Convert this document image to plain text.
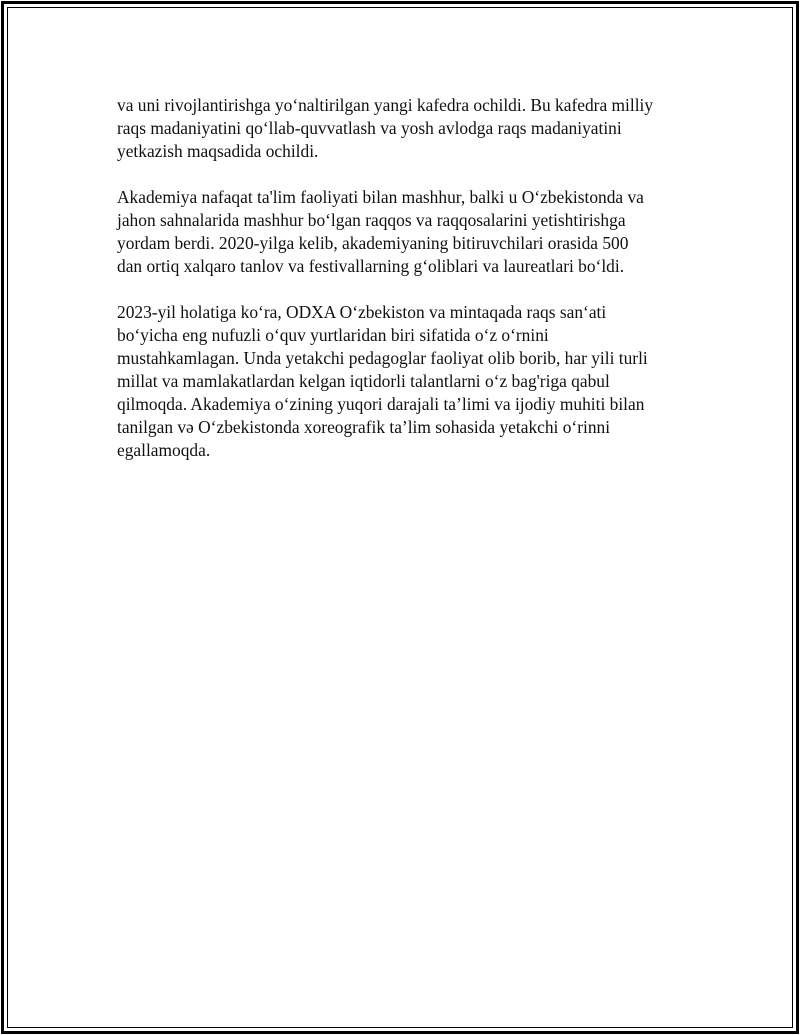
va uni rivojlantirishga yo‘naltirilgan yangi kafedra ochildi. Bu kafedra milliy
raqs madaniyatini qo‘llab-quvvatlash va yosh avlodga raqs madaniyatini
yetkazish maqsadida ochildi.

Akademiya nafaqat ta'lim faoliyati bilan mashhur, balki u O‘zbekistonda va
jahon sahnalarida mashhur bo‘lgan raqqos va raqqosalarini yetishtirishga
yordam berdi. 2020-yilga kelib, akademiyaning bitiruvchilari orasida 500
dan ortiq xalqaro tanlov va festivallarning g‘oliblari va laureatlari bo‘ldi.

2023-yil holatiga ko‘ra, ODXA O‘zbekiston va mintaqada raqs san‘ati
bo‘yicha eng nufuzli o‘quv yurtlaridan biri sifatida o‘z o‘rnini
mustahkamlagan. Unda yetakchi pedagoglar faoliyat olib borib, har yili turli
millat va mamlakatlardan kelgan iqtidorli talantlarni o‘z bag'riga qabul
qilmoqda. Akademiya o‘zining yuqori darajali ta’limi va ijodiy muhiti bilan
tanilgan və O‘zbekistonda xoreografik ta’lim sohasida yetakchi o‘rinni
egallamoqda.
